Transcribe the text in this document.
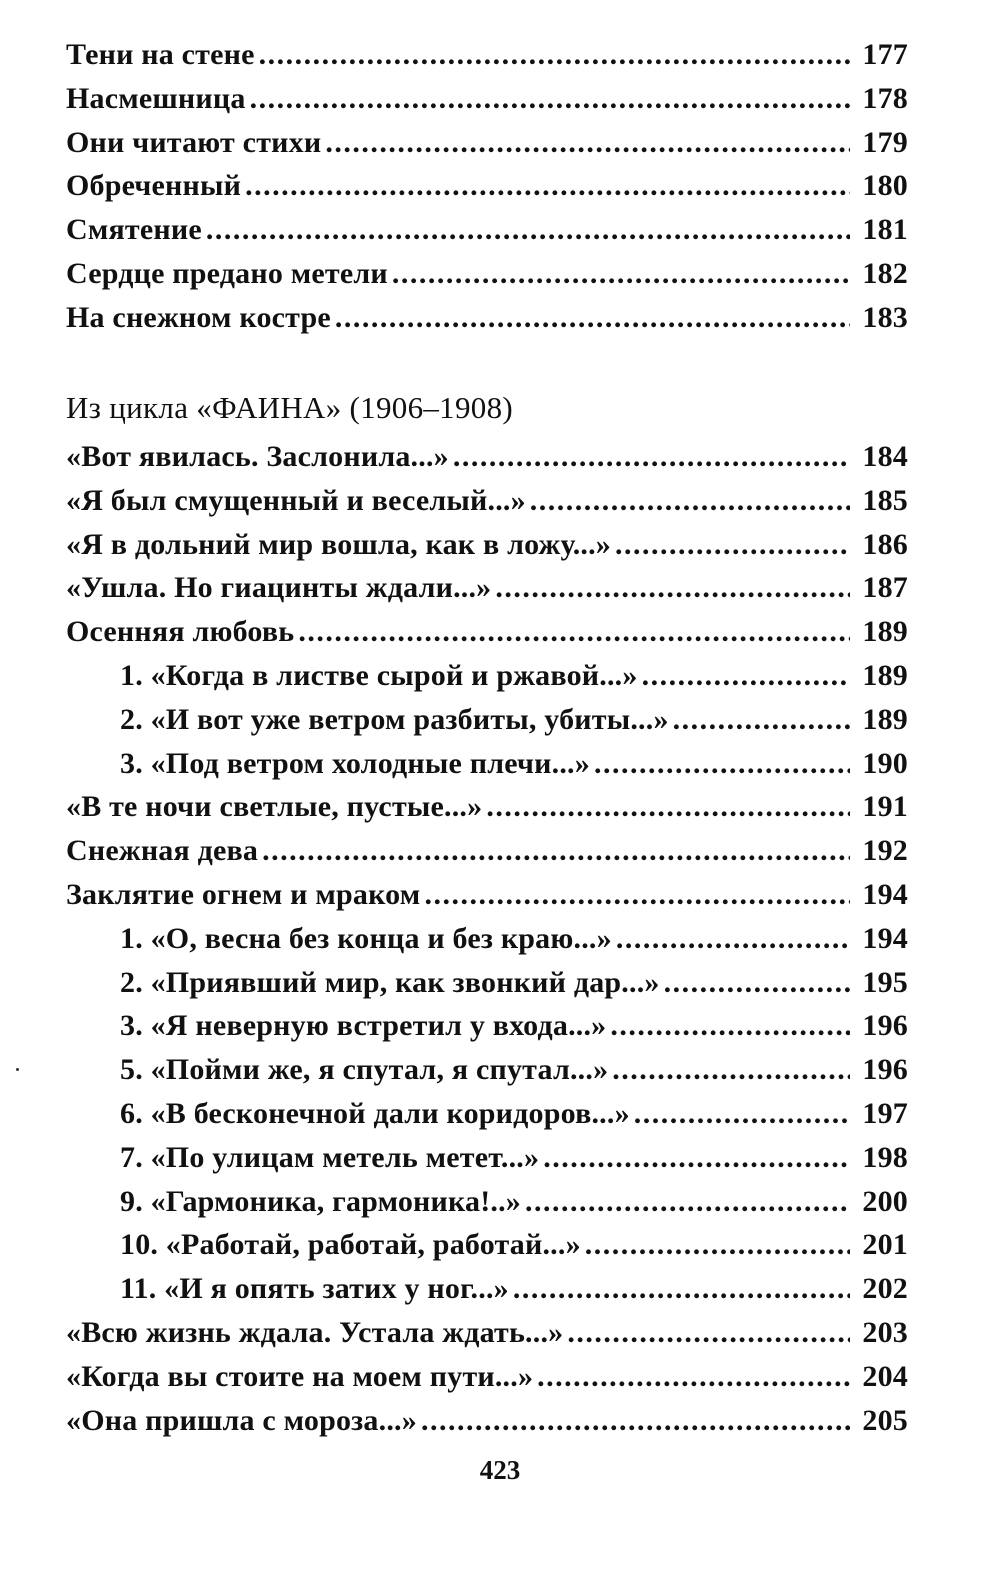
Тени на стене . . .	177
Насмешница . . .	178
Они читают стихи . . .	179
Обреченный . . .	180
Смятение . . .	181
Сердце предано метели . . .	182
На снежном костре . . .	183
Из цикла «ФАИНА» (1906–1908)
«Вот явилась. Заслонила...» . . .	184
«Я был смущенный и веселый...» . . .	185
«Я в дольний мир вошла, как в ложу...» . . .	186
«Ушла. Но гиацинты ждали...» . . .	187
Осенняя любовь . . .	189
1. «Когда в листве сырой и ржавой...» . . .	189
2. «И вот уже ветром разбиты, убиты...» . . .	189
3. «Под ветром холодные плечи...» . . .	190
«В те ночи светлые, пустые...» . . .	191
Снежная дева . . .	192
Заклятие огнем и мраком . . .	194
1. «О, весна без конца и без краю...» . . .	194
2. «Приявший мир, как звонкий дар...» . . .	195
3. «Я неверную встретил у входа...» . . .	196
5. «Пойми же, я спутал, я спутал...» . . .	196
6. «В бесконечной дали коридоров...» . . .	197
7. «По улицам метель метет...» . . .	198
9. «Гармоника, гармоника!..» . . .	200
10. «Работай, работай, работай...» . . .	201
11. «И я опять затих у ног...» . . .	202
«Всю жизнь ждала. Устала ждать...» . . .	203
«Когда вы стоите на моем пути...» . . .	204
«Она пришла с мороза...» . . .	205
423
